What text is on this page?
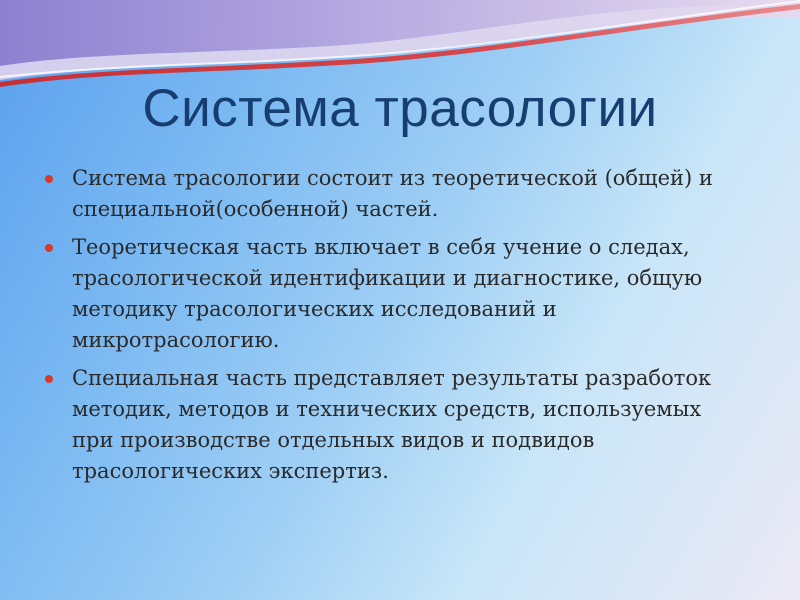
Система трасологии
Система трасологии состоит из теоретической (общей) и специальной(особенной) частей.
Теоретическая часть включает в себя учение о следах, трасологической идентификации и диагностике, общую методику трасологических исследований и микротрасологию.
Специальная часть представляет результаты разработок методик, методов и технических средств, используемых при производстве отдельных видов и подвидов трасологических экспертиз.
